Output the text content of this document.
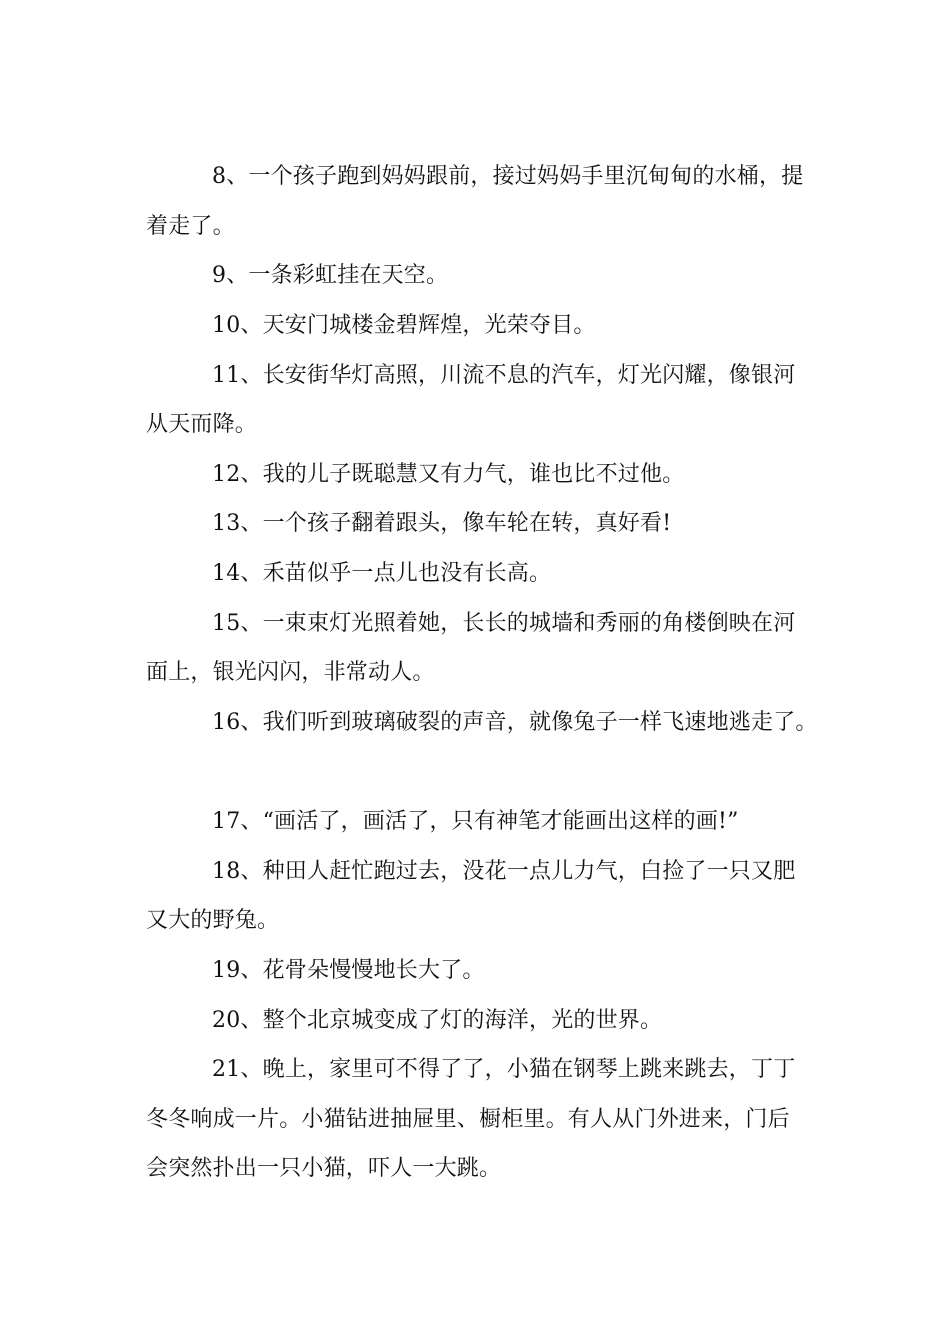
8、一个孩子跑到妈妈跟前，接过妈妈手里沉甸甸的水桶，提

着走了。

9、一条彩虹挂在天空。

10、天安门城楼金碧辉煌，光荣夺目。

11、长安街华灯高照，川流不息的汽车，灯光闪耀，像银河

从天而降。

12、我的儿子既聪慧又有力气，谁也比不过他。

13、一个孩子翻着跟头，像车轮在转，真好看!

14、禾苗似乎一点儿也没有长高。

15、一束束灯光照着她，长长的城墙和秀丽的角楼倒映在河

面上，银光闪闪，非常动人。

16、我们听到玻璃破裂的声音，就像兔子一样飞速地逃走了。

17、“画活了，画活了，只有神笔才能画出这样的画!”

18、种田人赶忙跑过去，没花一点儿力气，白捡了一只又肥

又大的野兔。

19、花骨朵慢慢地长大了。

20、整个北京城变成了灯的海洋，光的世界。

21、晚上，家里可不得了了，小猫在钢琴上跳来跳去，丁丁

冬冬响成一片。小猫钻进抽屉里、橱柜里。有人从门外进来，门后

会突然扑出一只小猫，吓人一大跳。
